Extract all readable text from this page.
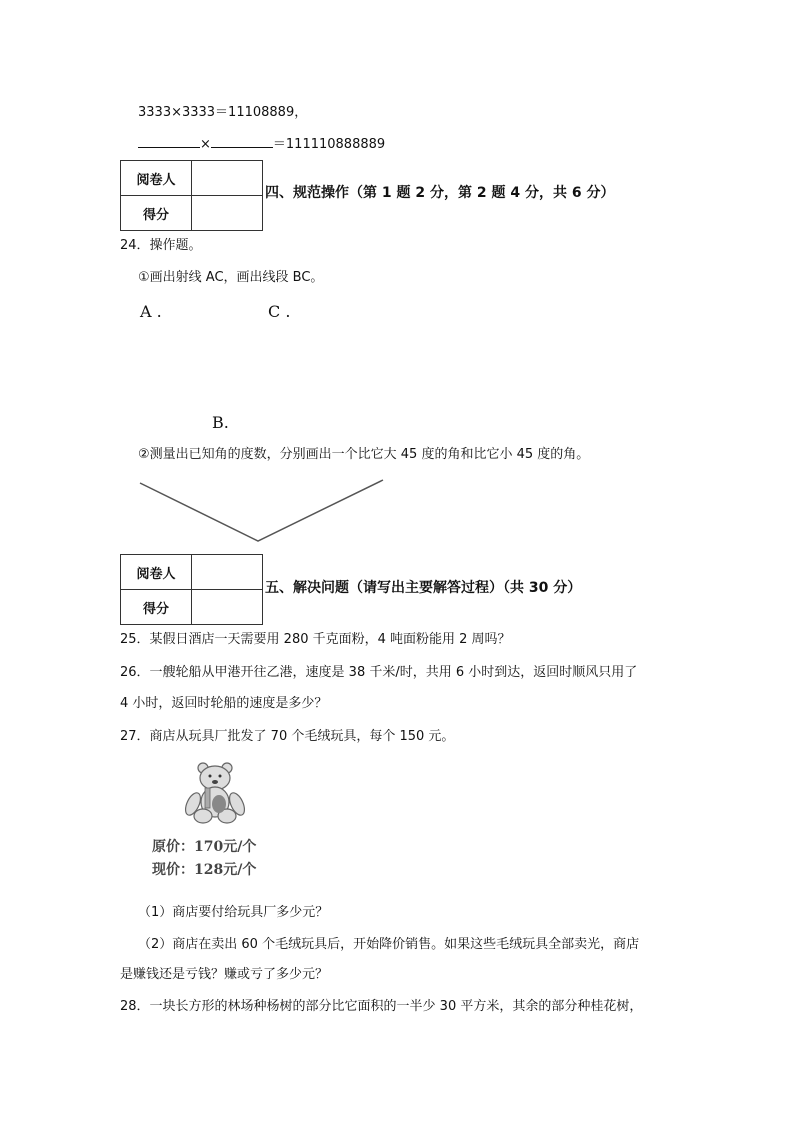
3333×3333＝11108889，
×	＝111110888889
阅卷人	
得分	
四、规范操作（第 1 题 2 分，第 2 题 4 分，共 6 分）
24．操作题。
①画出射线 AC，画出线段 BC。
A .	C .
B.
②测量出已知角的度数，分别画出一个比它大 45 度的角和比它小 45 度的角。
阅卷人	
得分	
五、解决问题（请写出主要解答过程）（共 30 分）
25．某假日酒店一天需要用 280 千克面粉，4 吨面粉能用 2 周吗？
26．一艘轮船从甲港开往乙港，速度是 38 千米/时，共用 6 小时到达，返回时顺风只用了
4 小时，返回时轮船的速度是多少？
27．商店从玩具厂批发了 70 个毛绒玩具，每个 150 元。
原价：170元/个
现价：128元/个
（1）商店要付给玩具厂多少元？
（2）商店在卖出 60 个毛绒玩具后，开始降价销售。如果这些毛绒玩具全部卖光，商店
是赚钱还是亏钱？赚或亏了多少元？
28．一块长方形的林场种杨树的部分比它面积的一半少 30 平方米，其余的部分种桂花树，
